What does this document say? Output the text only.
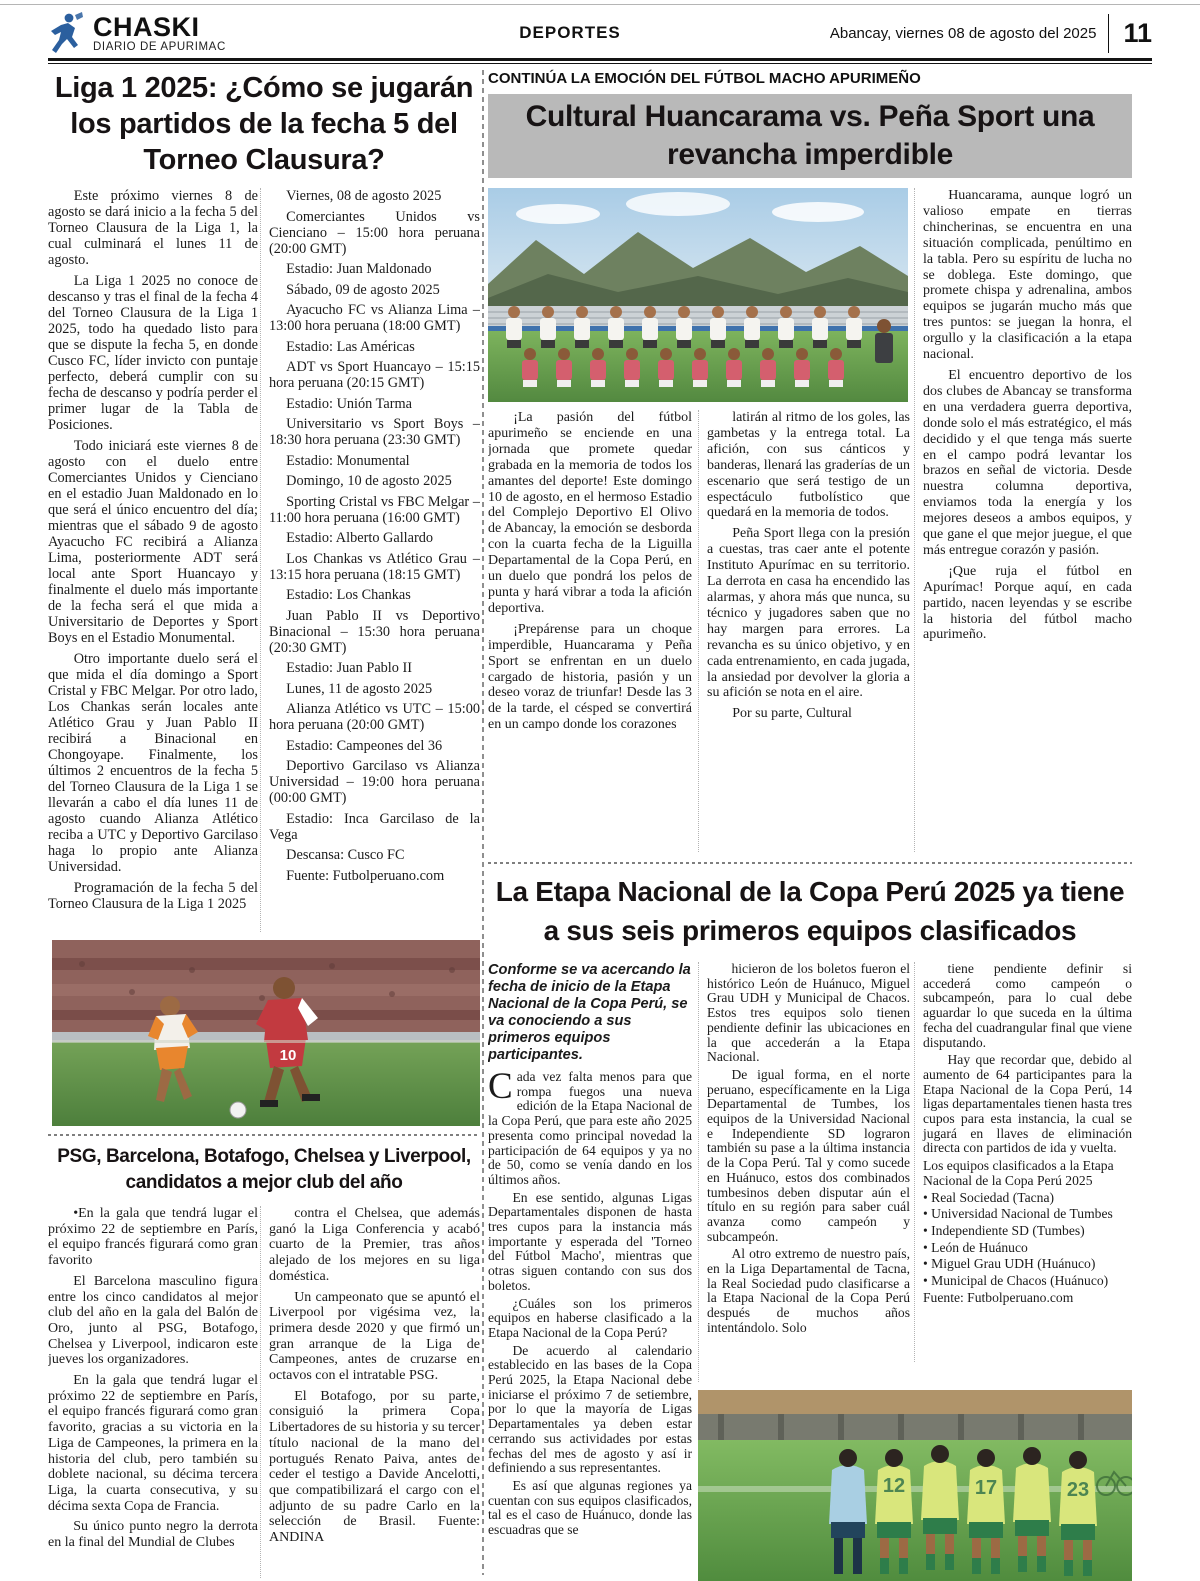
CHASKI
DIARIO DE APURIMAC
DEPORTES	Abancay, viernes 08 de agosto del 2025	11
Liga 1 2025: ¿Cómo se jugarán los partidos de la fecha 5 del Torneo Clausura?

Este próximo viernes 8 de agosto se dará inicio a la fecha 5 del Torneo Clausura de la Liga 1, la cual culminará el lunes 11 de agosto.

La Liga 1 2025 no conoce de descanso y tras el final de la fecha 4 del Torneo Clausura de la Liga 1 2025, todo ha quedado listo para que se dispute la fecha 5, en donde Cusco FC, líder invicto con puntaje perfecto, deberá cumplir con su fecha de descanso y podría perder el primer lugar de la Tabla de Posiciones.

Todo iniciará este viernes 8 de agosto con el duelo entre Comerciantes Unidos y Cienciano en el estadio Juan Maldonado en lo que será el único encuentro del día; mientras que el sábado 9 de agosto Ayacucho FC recibirá a Alianza Lima, posteriormente ADT será local ante Sport Huancayo y finalmente el duelo más importante de la fecha será el que mida a Universitario de Deportes y Sport Boys en el Estadio Monumental.

Otro importante duelo será el que mida el día domingo a Sport Cristal y FBC Melgar. Por otro lado, Los Chankas serán locales ante Atlético Grau y Juan Pablo II recibirá a Binacional en Chongoyape. Finalmente, los últimos 2 encuentros de la fecha 5 del Torneo Clausura de la Liga 1 se llevarán a cabo el día lunes 11 de agosto cuando Alianza Atlético reciba a UTC y Deportivo Garcilaso haga lo propio ante Alianza Universidad.

Programación de la fecha 5 del Torneo Clausura de la Liga 1 2025

Viernes, 08 de agosto 2025

Comerciantes Unidos vs Cienciano – 15:00 hora peruana (20:00 GMT)

Estadio: Juan Maldonado

Sábado, 09 de agosto 2025

Ayacucho FC vs Alianza Lima – 13:00 hora peruana (18:00 GMT)

Estadio: Las Américas

ADT vs Sport Huancayo – 15:15 hora peruana (20:15 GMT)

Estadio: Unión Tarma

Universitario vs Sport Boys – 18:30 hora peruana (23:30 GMT)

Estadio: Monumental

Domingo, 10 de agosto 2025

Sporting Cristal vs FBC Melgar – 11:00 hora peruana (16:00 GMT)

Estadio: Alberto Gallardo

Los Chankas vs Atlético Grau – 13:15 hora peruana (18:15 GMT)

Estadio: Los Chankas

Juan Pablo II vs Deportivo Binacional – 15:30 hora peruana (20:30 GMT)

Estadio: Juan Pablo II

Lunes, 11 de agosto 2025

Alianza Atlético vs UTC – 15:00 hora peruana (20:00 GMT)

Estadio: Campeones del 36

Deportivo Garcilaso vs Alianza Universidad – 19:00 hora peruana (00:00 GMT)

Estadio: Inca Garcilaso de la Vega

Descansa: Cusco FC

Fuente: Futbolperuano.com

10
PSG, Barcelona, Botafogo, Chelsea y Liverpool, candidatos a mejor club del año

•En la gala que tendrá lugar el próximo 22 de septiembre en París, el equipo francés figurará como gran favorito

El Barcelona masculino figura entre los cinco candidatos al mejor club del año en la gala del Balón de Oro, junto al PSG, Botafogo, Chelsea y Liverpool, indicaron este jueves los organizadores.

En la gala que tendrá lugar el próximo 22 de septiembre en París, el equipo francés figurará como gran favorito, gracias a su victoria en la Liga de Campeones, la primera en la historia del club, pero también su doblete nacional, su décima tercera Liga, la cuarta consecutiva, y su décima sexta Copa de Francia.

Su único punto negro la derrota en la final del Mundial de Clubes

contra el Chelsea, que además ganó la Liga Conferencia y acabó cuarto de la Premier, tras años alejado de los mejores en su liga doméstica.

Un campeonato que se apuntó el Liverpool por vigésima vez, la primera desde 2020 y que firmó un gran arranque de la Liga de Campeones, antes de cruzarse en octavos con el intratable PSG.

El Botafogo, por su parte, consiguió la primera Copa Libertadores de su historia y su tercer título nacional de la mano del portugués Renato Paiva, antes de ceder el testigo a Davide Ancelotti, que compatibilizará el cargo con el adjunto de su padre Carlo en la selección de Brasil. Fuente: ANDINA

CONTINÚA LA EMOCIÓN DEL FÚTBOL MACHO APURIMEÑO
Cultural Huancarama vs. Peña Sport una revancha imperdible

¡La pasión del fútbol apurimeño se enciende en una jornada que promete quedar grabada en la memoria de todos los amantes del deporte! Este domingo 10 de agosto, en el hermoso Estadio del Complejo Deportivo El Olivo de Abancay, la emoción se desborda con la cuarta fecha de la Liguilla Departamental de la Copa Perú, en un duelo que pondrá los pelos de punta y hará vibrar a toda la afición deportiva.

¡Prepárense para un choque imperdible, Huancarama y Peña Sport se enfrentan en un duelo cargado de historia, pasión y un deseo voraz de triunfar! Desde las 3 de la tarde, el césped se convertirá en un campo donde los corazones

latirán al ritmo de los goles, las gambetas y la entrega total. La afición, con sus cánticos y banderas, llenará las graderías de un escenario que será testigo de un espectáculo futbolístico que quedará en la memoria de todos.

Peña Sport llega con la presión a cuestas, tras caer ante el potente Instituto Apurímac en su territorio. La derrota en casa ha encendido las alarmas, y ahora más que nunca, su técnico y jugadores saben que no hay margen para errores. La revancha es su único objetivo, y en cada entrenamiento, en cada jugada, la ansiedad por devolver la gloria a su afición se nota en el aire.

Por su parte, Cultural

Huancarama, aunque logró un valioso empate en tierras chincherinas, se encuentra en una situación complicada, penúltimo en la tabla. Pero su espíritu de lucha no se doblega. Este domingo, que promete chispa y adrenalina, ambos equipos se jugarán mucho más que tres puntos: se juegan la honra, el orgullo y la clasificación a la etapa nacional.

El encuentro deportivo de los dos clubes de Abancay se transforma en una verdadera guerra deportiva, donde solo el más estratégico, el más decidido y el que tenga más suerte en el campo podrá levantar los brazos en señal de victoria. Desde nuestra columna deportiva, enviamos toda la energía y los mejores deseos a ambos equipos, y que gane el que mejor juegue, el que más entregue corazón y pasión.

¡Que ruja el fútbol en Apurímac! Porque aquí, en cada partido, nacen leyendas y se escribe la historia del fútbol macho apurimeño.

La Etapa Nacional de la Copa Perú 2025 ya tiene a sus seis primeros equipos clasificados

Conforme se va acercando la fecha de inicio de la Etapa Nacional de la Copa Perú, se va conociendo a sus primeros equipos participantes.

Cada vez falta menos para que rompa fuegos una nueva edición de la Etapa Nacional de la Copa Perú, que para este año 2025 presenta como principal novedad la participación de 64 equipos y ya no de 50, como se venía dando en los últimos años.

En ese sentido, algunas Ligas Departamentales disponen de hasta tres cupos para la instancia más importante y esperada del 'Torneo del Fútbol Macho', mientras que otras siguen contando con sus dos boletos.

¿Cuáles son los primeros equipos en haberse clasificado a la Etapa Nacional de la Copa Perú?

De acuerdo al calendario establecido en las bases de la Copa Perú 2025, la Etapa Nacional debe iniciarse el próximo 7 de setiembre, por lo que la mayoría de Ligas Departamentales ya deben estar cerrando sus actividades por estas fechas del mes de agosto y así ir definiendo a sus representantes.

Es así que algunas regiones ya cuentan con sus equipos clasificados, tal es el caso de Huánuco, donde las escuadras que se

hicieron de los boletos fueron el histórico León de Huánuco, Miguel Grau UDH y Municipal de Chacos. Estos tres equipos solo tienen pendiente definir las ubicaciones en la que accederán a la Etapa Nacional.

De igual forma, en el norte peruano, específicamente en la Liga Departamental de Tumbes, los equipos de la Universidad Nacional e Independiente SD lograron también su pase a la última instancia de la Copa Perú. Tal y como sucede en Huánuco, estos dos combinados tumbesinos deben disputar aún el título en su región para saber cuál avanza como campeón y subcampeón.

Al otro extremo de nuestro país, en la Liga Departamental de Tacna, la Real Sociedad pudo clasificarse a la Etapa Nacional de la Copa Perú después de muchos años intentándolo. Solo

tiene pendiente definir si accederá como campeón o subcampeón, para lo cual debe aguardar lo que suceda en la última fecha del cuadrangular final que viene disputando.

Hay que recordar que, debido al aumento de 64 participantes para la Etapa Nacional de la Copa Perú, 14 ligas departamentales tienen hasta tres cupos para esta instancia, la cual se jugará en llaves de eliminación directa con partidos de ida y vuelta.

Los equipos clasificados a la Etapa Nacional de la Copa Perú 2025

• Real Sociedad (Tacna)

• Universidad Nacional de Tumbes

• Independiente SD (Tumbes)

• León de Huánuco

• Miguel Grau UDH (Huánuco)

• Municipal de Chacos (Huánuco)

Fuente: Futbolperuano.com

12	17	23
